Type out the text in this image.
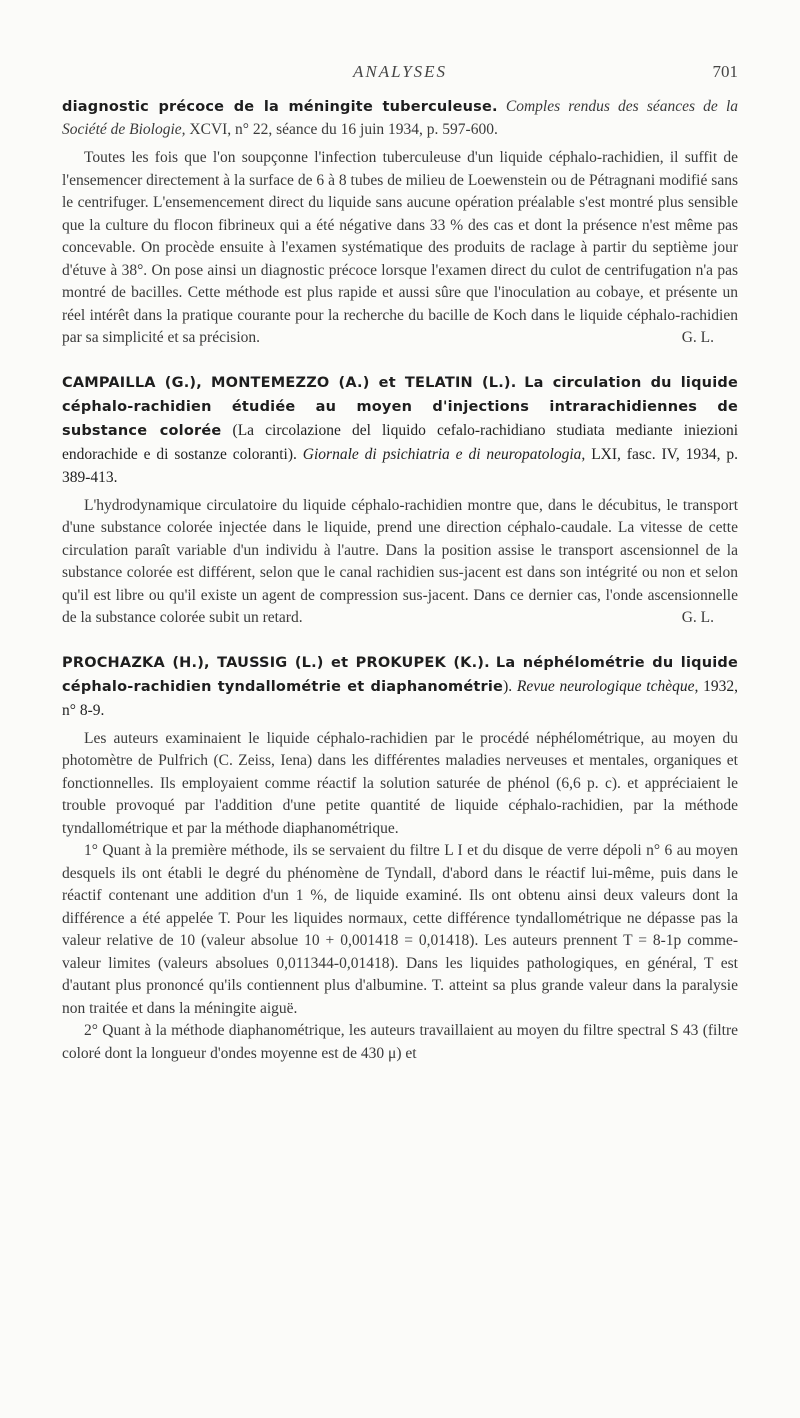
ANALYSES	701

diagnostic précoce de la méningite tuberculeuse. Comples rendus des séances de la Société de Biologie, XCVI, n° 22, séance du 16 juin 1934, p. 597-600.

Toutes les fois que l'on soupçonne l'infection tuberculeuse d'un liquide céphalo-rachidien, il suffit de l'ensemencer directement à la surface de 6 à 8 tubes de milieu de Loewenstein ou de Pétragnani modifié sans le centrifuger. L'ensemencement direct du liquide sans aucune opération préalable s'est montré plus sensible que la culture du flocon fibrineux qui a été négative dans 33 % des cas et dont la présence n'est même pas concevable. On procède ensuite à l'examen systématique des produits de raclage à partir du septième jour d'étuve à 38°. On pose ainsi un diagnostic précoce lorsque l'examen direct du culot de centrifugation n'a pas montré de bacilles. Cette méthode est plus rapide et aussi sûre que l'inoculation au cobaye, et présente un réel intérêt dans la pratique courante pour la recherche du bacille de Koch dans le liquide céphalo-rachidien par sa simplicité et sa précision.	G. L.

CAMPAILLA (G.), MONTEMEZZO (A.) et TELATIN (L.). La circulation du liquide céphalo-rachidien étudiée au moyen d'injections intrarachidiennes de substance colorée (La circolazione del liquido cefalo-rachidiano studiata mediante iniezioni endorachide e di sostanze coloranti). Giornale di psichiatria e di neuropatologia, LXI, fasc. IV, 1934, p. 389-413.

L'hydrodynamique circulatoire du liquide céphalo-rachidien montre que, dans le décubitus, le transport d'une substance colorée injectée dans le liquide, prend une direction céphalo-caudale. La vitesse de cette circulation paraît variable d'un individu à l'autre. Dans la position assise le transport ascensionnel de la substance colorée est différent, selon que le canal rachidien sus-jacent est dans son intégrité ou non et selon qu'il est libre ou qu'il existe un agent de compression sus-jacent. Dans ce dernier cas, l'onde ascensionnelle de la substance colorée subit un retard.	G. L.

PROCHAZKA (H.), TAUSSIG (L.) et PROKUPEK (K.). La néphélométrie du liquide céphalo-rachidien tyndallométrie et diaphanométrie). Revue neurologique tchèque, 1932, n° 8-9.

Les auteurs examinaient le liquide céphalo-rachidien par le procédé néphélométrique, au moyen du photomètre de Pulfrich (C. Zeiss, Iena) dans les différentes maladies nerveuses et mentales, organiques et fonctionnelles. Ils employaient comme réactif la solution saturée de phénol (6,6 p. c). et appréciaient le trouble provoqué par l'addition d'une petite quantité de liquide céphalo-rachidien, par la méthode tyndallométrique et par la méthode diaphanométrique.

1° Quant à la première méthode, ils se servaient du filtre L I et du disque de verre dépoli n° 6 au moyen desquels ils ont établi le degré du phénomène de Tyndall, d'abord dans le réactif lui-même, puis dans le réactif contenant une addition d'un 1 %, de liquide examiné. Ils ont obtenu ainsi deux valeurs dont la différence a été appelée T. Pour les liquides normaux, cette différence tyndallométrique ne dépasse pas la valeur relative de 10 (valeur absolue 10 + 0,001418 = 0,01418). Les auteurs prennent T = 8-1p comme-valeur limites (valeurs absolues 0,011344-0,01418). Dans les liquides pathologiques, en général, T est d'autant plus prononcé qu'ils contiennent plus d'albumine. T. atteint sa plus grande valeur dans la paralysie non traitée et dans la méningite aiguë.

2° Quant à la méthode diaphanométrique, les auteurs travaillaient au moyen du filtre spectral S 43 (filtre coloré dont la longueur d'ondes moyenne est de 430 μ) et
